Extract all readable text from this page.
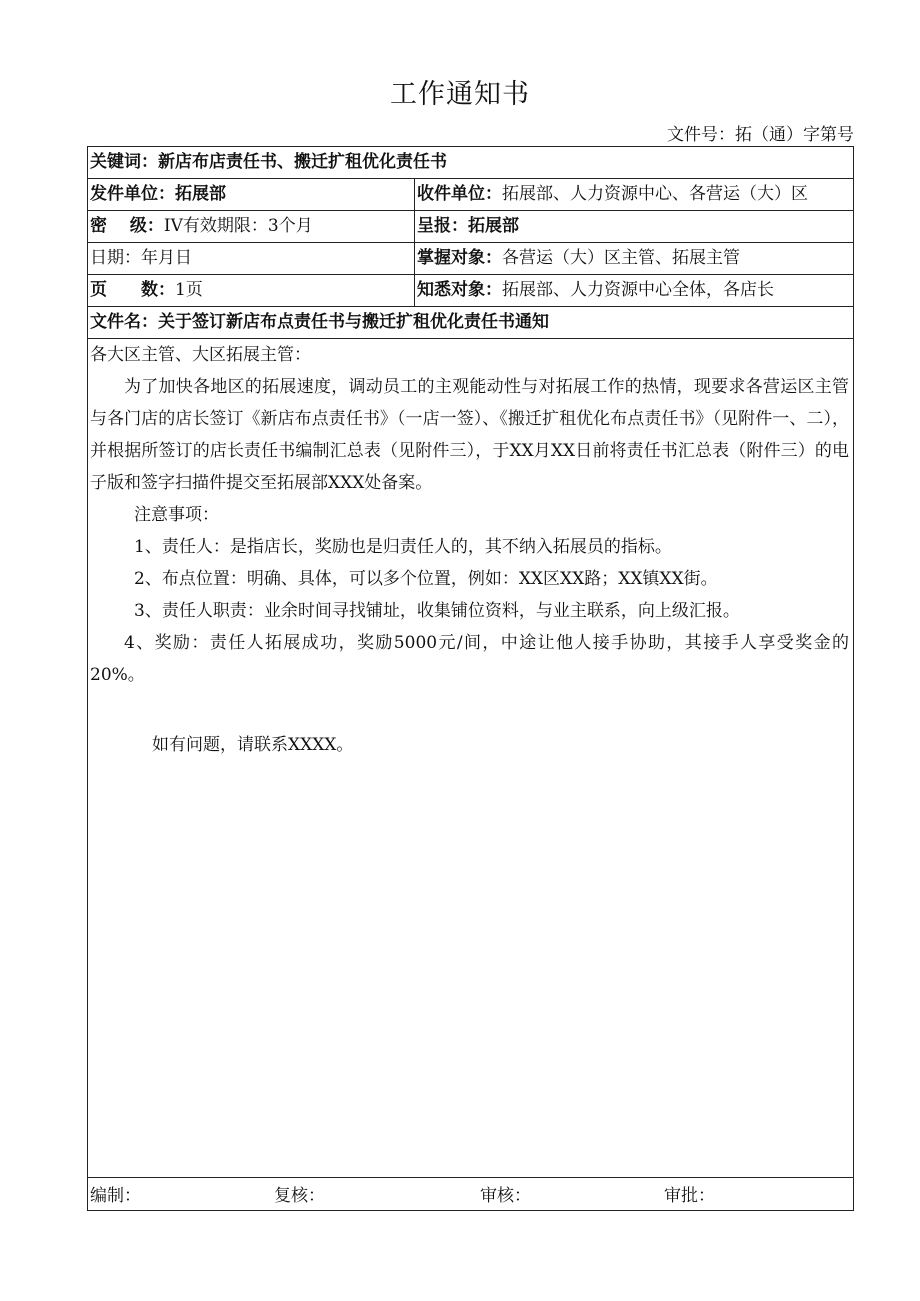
工作通知书
文件号：拓（通）字第号
关键词：新店布店责任书、搬迁扩租优化责任书
发件单位：拓展部	收件单位：拓展部、人力资源中心、各营运（大）区
密　 级：IV有效期限：3个月	呈报：拓展部
日期：年月日	掌握对象：各营运（大）区主管、拓展主管
页　　数：1页	知悉对象：拓展部、人力资源中心全体，各店长
文件名：关于签订新店布点责任书与搬迁扩租优化责任书通知

各大区主管、大区拓展主管：

为了加快各地区的拓展速度，调动员工的主观能动性与对拓展工作的热情，现要求各营运区主管与各门店的店长签订《新店布点责任书》（一店一签）、《搬迁扩租优化布点责任书》（见附件一、二），并根据所签订的店长责任书编制汇总表（见附件三），于XX月XX日前将责任书汇总表（附件三）的电子版和签字扫描件提交至拓展部XXX处备案。

注意事项：

1、责任人：是指店长，奖励也是归责任人的，其不纳入拓展员的指标。

2、布点位置：明确、具体，可以多个位置，例如：XX区XX路；XX镇XX街。

3、责任人职责：业余时间寻找铺址，收集铺位资料，与业主联系，向上级汇报。

4、奖励：责任人拓展成功，奖励5000元/间，中途让他人接手协助，其接手人享受奖金的20%。

如有问题，请联系XXXX。

编制：	复核：	审核：	审批：
